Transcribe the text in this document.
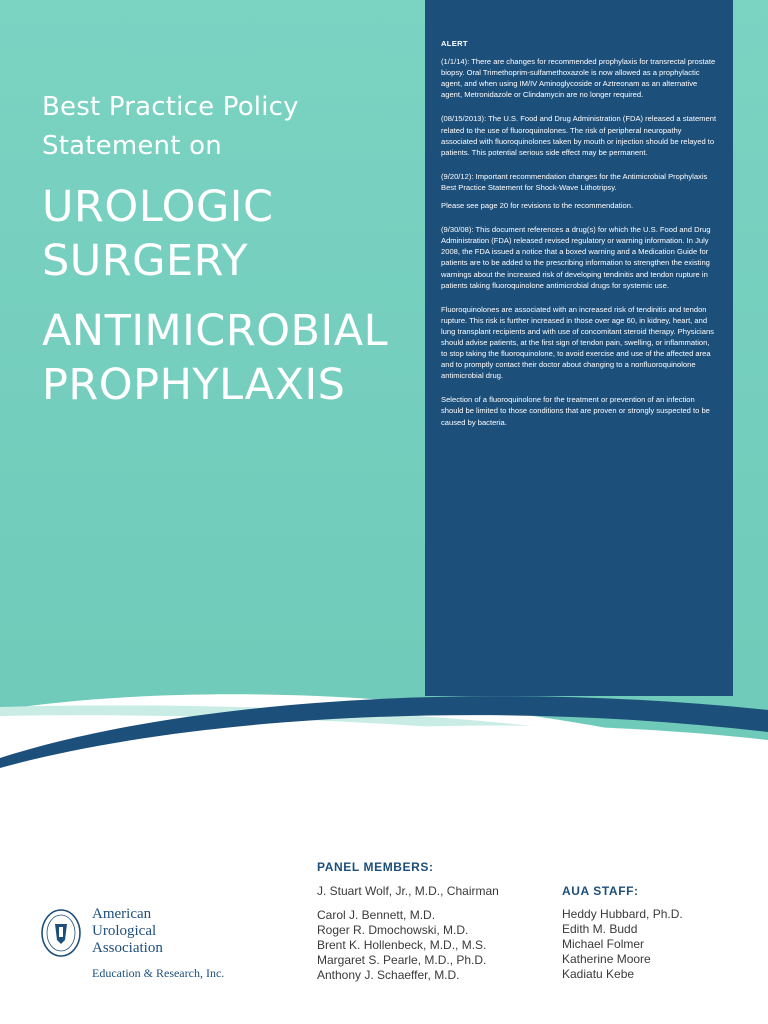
Best Practice Policy
Statement on

UROLOGIC
SURGERY
ANTIMICROBIAL
PROPHYLAXIS

ALERT

(1/1/14): There are changes for recommended prophylaxis for transrectal prostate biopsy. Oral Trimethoprim-sulfamethoxazole is now allowed as a prophylactic agent, and when using IM/IV Aminoglycoside or Aztreonam as an alternative agent, Metronidazole or Clindamycin are no longer required.

(08/15/2013): The U.S. Food and Drug Administration (FDA) released a statement related to the use of fluoroquinolones. The risk of peripheral neuropathy associated with fluoroquinolones taken by mouth or injection should be relayed to patients. This potential serious side effect may be permanent.

(9/20/12): Important recommendation changes for the Antimicrobial Prophylaxis Best Practice Statement for Shock-Wave Lithotripsy.

Please see page 20 for revisions to the recommendation.

(9/30/08): This document references a drug(s) for which the U.S. Food and Drug Administration (FDA) released revised regulatory or warning information. In July 2008, the FDA issued a notice that a boxed warning and a Medication Guide for patients are to be added to the prescribing information to strengthen the existing warnings about the increased risk of developing tendinitis and tendon rupture in patients taking fluoroquinolone antimicrobial drugs for systemic use.

Fluoroquinolones are associated with an increased risk of tendinitis and tendon rupture. This risk is further increased in those over age 60, in kidney, heart, and lung transplant recipients and with use of concomitant steroid therapy. Physicians should advise patients, at the first sign of tendon pain, swelling, or inflammation, to stop taking the fluoroquinolone, to avoid exercise and use of the affected area and to promptly contact their doctor about changing to a nonfluoroquinolone antimicrobial drug.

Selection of a fluoroquinolone for the treatment or prevention of an infection should be limited to those conditions that are proven or strongly suspected to be caused by bacteria.

American
Urological
Association
Education & Research, Inc.

PANEL MEMBERS:

J. Stuart Wolf, Jr., M.D., Chairman

Carol J. Bennett, M.D.

Roger R. Dmochowski, M.D.

Brent K. Hollenbeck, M.D., M.S.

Margaret S. Pearle, M.D., Ph.D.

Anthony J. Schaeffer, M.D.

AUA STAFF:

Heddy Hubbard, Ph.D.

Edith M. Budd

Michael Folmer

Katherine Moore

Kadiatu Kebe
